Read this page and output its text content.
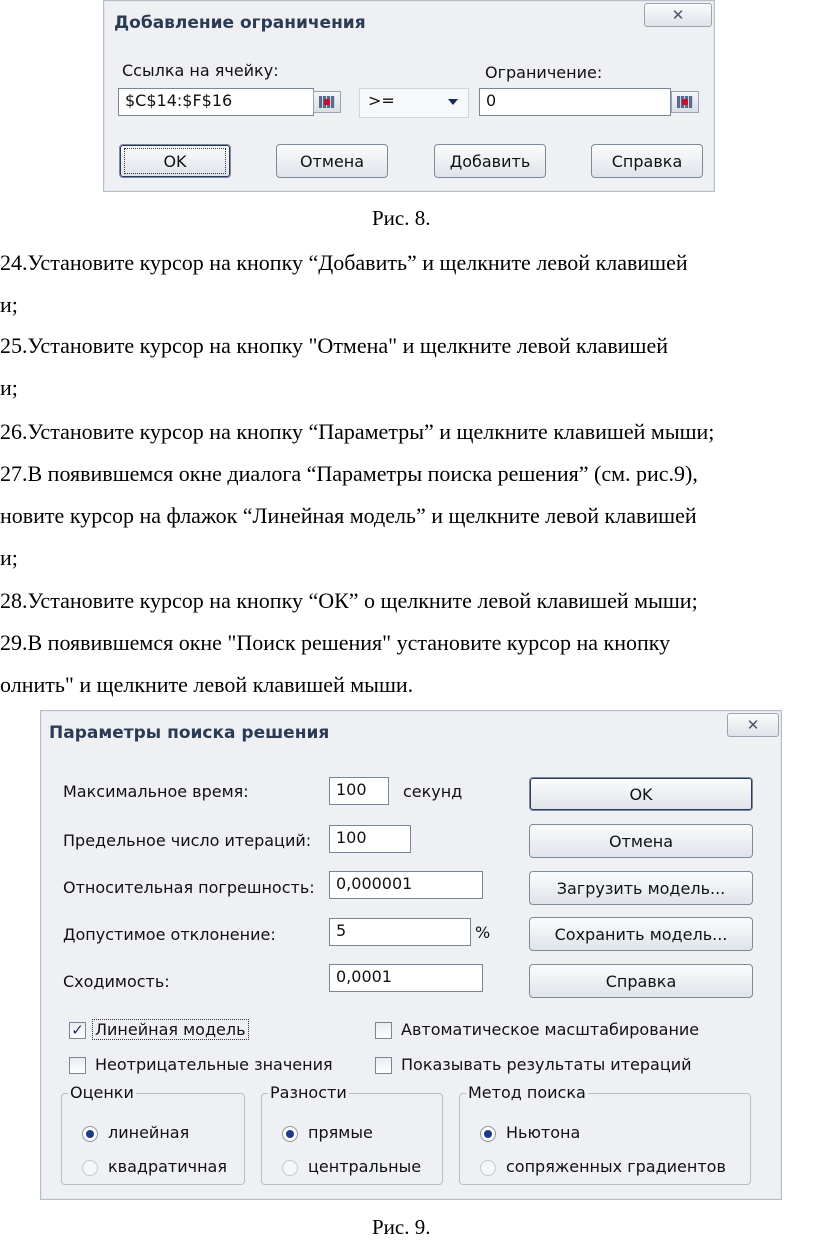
Добавление ограничения	✕
Ссылка на ячейку:
$C$14:$F$16	>=
Ограничение:
0
OK	Отмена	Добавить	Справка
Рис. 8.
24.Установите курсор на кнопку “Добавить” и щелкните левой клавишей
и;
25.Установите курсор на кнопку "Отмена" и щелкните левой клавишей
и;
26.Установите курсор на кнопку “Параметры” и щелкните клавишей мыши;
27.В появившемся окне диалога “Параметры поиска решения” (см. рис.9),
новите курсор на флажок “Линейная модель” и щелкните левой клавишей
и;
28.Установите курсор на кнопку “ОК” о щелкните левой клавишей мыши;
29.В появившемся окне "Поиск решения" установите курсор на кнопку
олнить" и щелкните левой клавишей мыши.
Параметры поиска решения	✕
Максимальное время:	100	секунд
Предельное число итераций:	100
Относительная погрешность:	0,000001
Допустимое отклонение:	5	%
Сходимость:	0,0001
OK
Отмена
Загрузить модель...
Сохранить модель...
Справка
✓ Линейная модель
Неотрицательные значения
Автоматическое масштабирование
Показывать результаты итераций
Оценки
линейная
квадратичная
Разности
прямые
центральные
Метод поиска
Ньютона
сопряженных градиентов
Рис. 9.
